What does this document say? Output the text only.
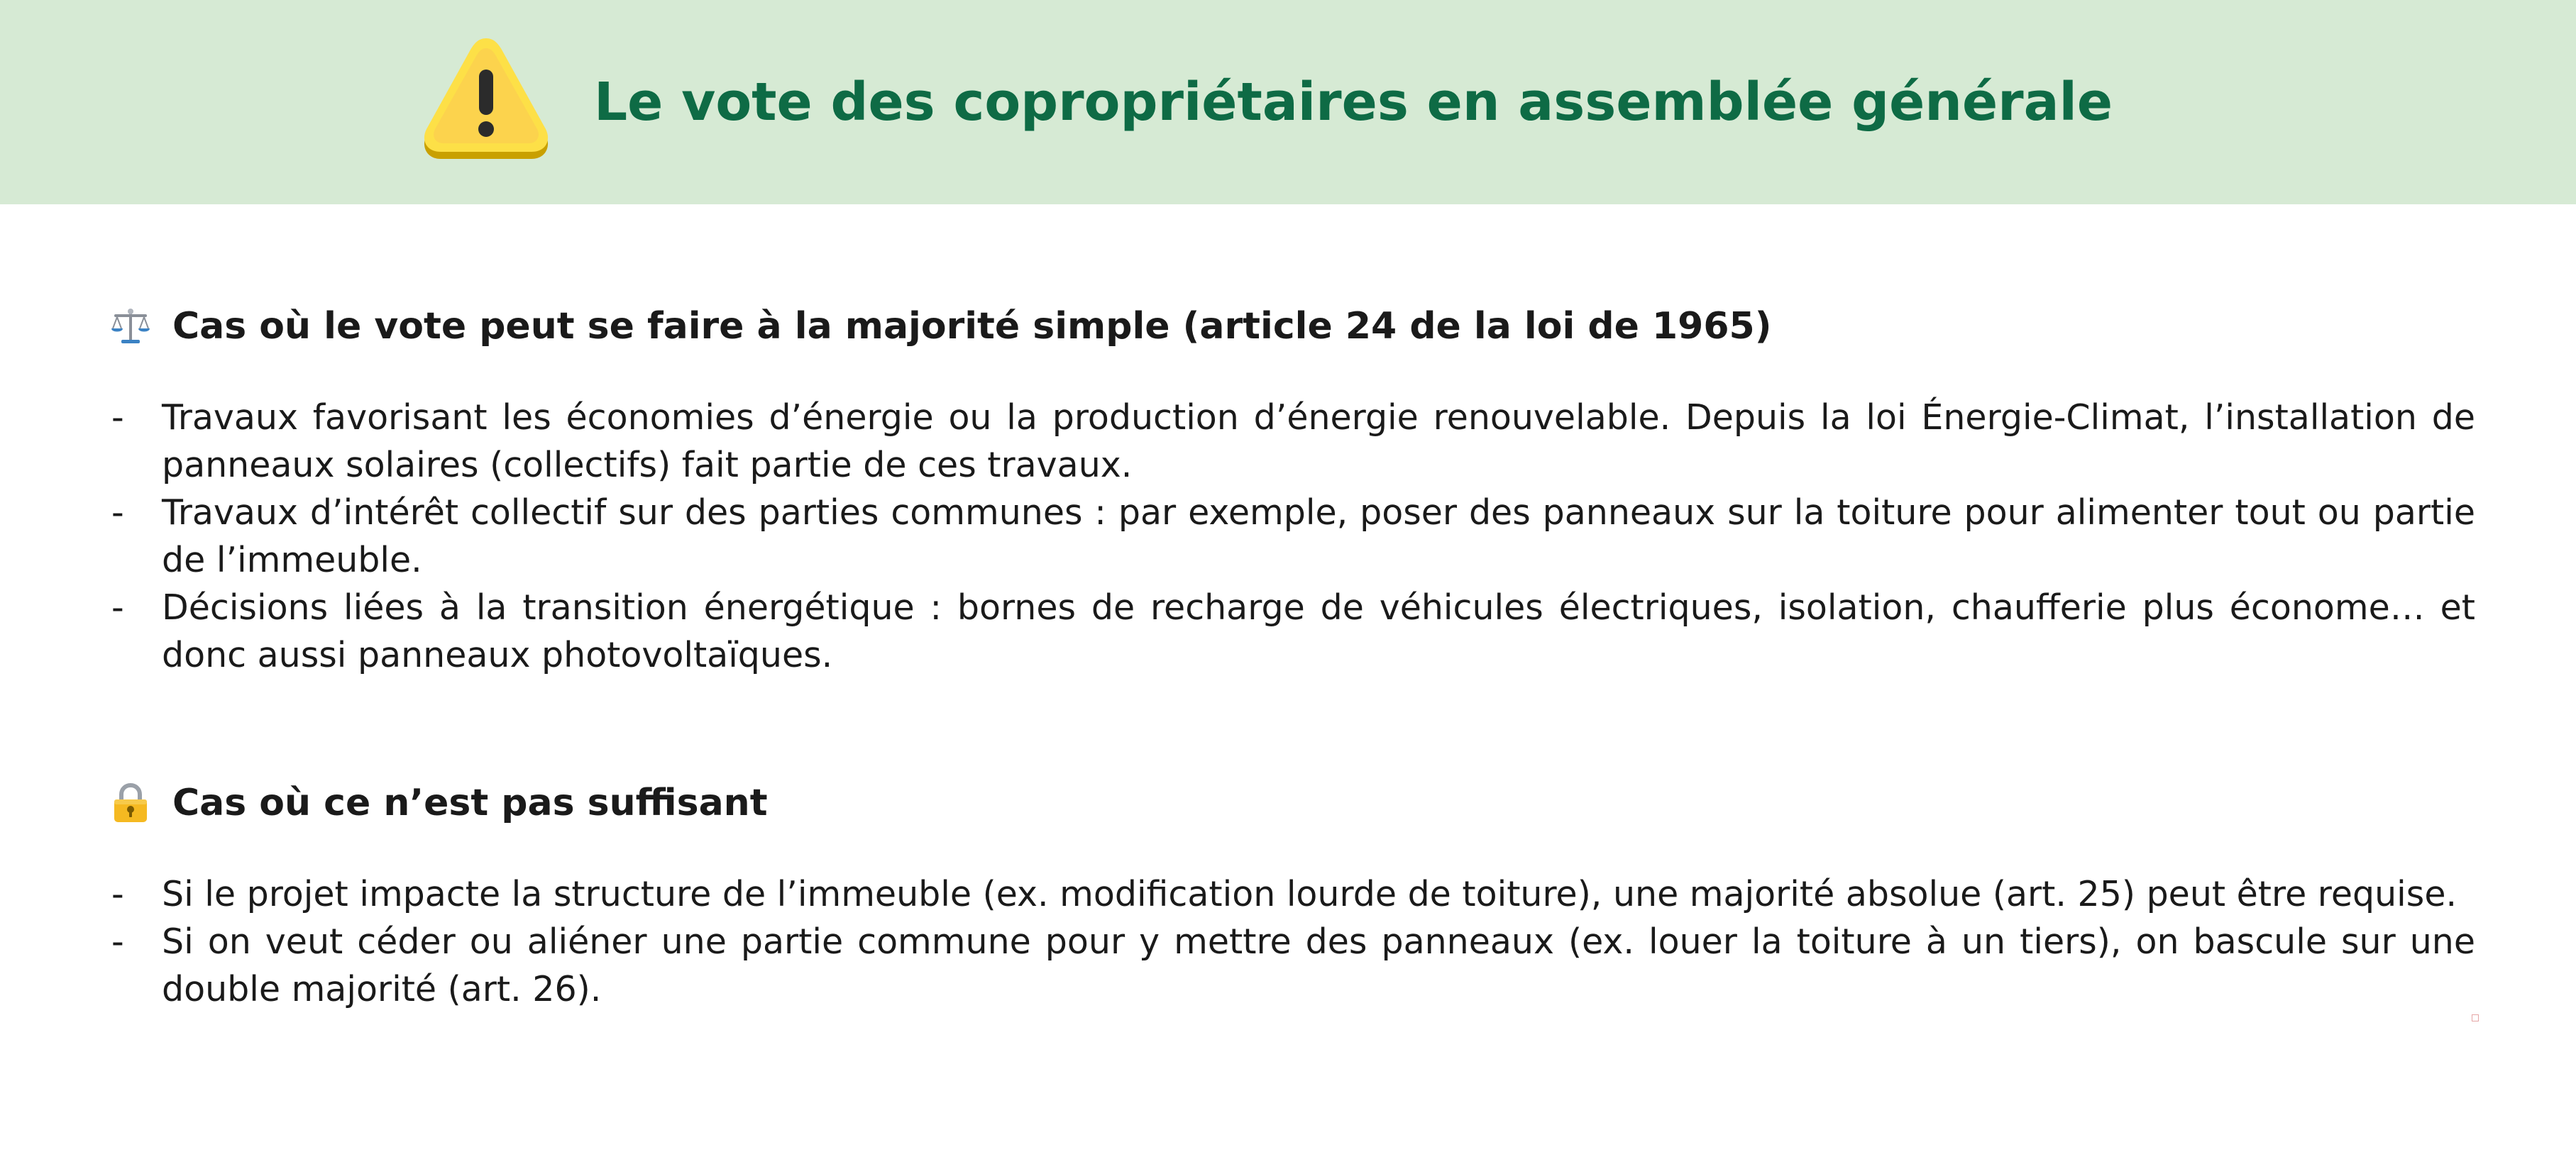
Le vote des copropriétaires en assemblée générale
Cas où le vote peut se faire à la majorité simple (article 24 de la loi de 1965)
- Travaux favorisant les économies d’énergie ou la production d’énergie renouvelable. Depuis la loi Énergie-Climat, l’installation de panneaux solaires (collectifs) fait partie de ces travaux.
- Travaux d’intérêt collectif sur des parties communes : par exemple, poser des panneaux sur la toiture pour alimenter tout ou partie de l’immeuble.
- Décisions liées à la transition énergétique : bornes de recharge de véhicules électriques, isolation, chaufferie plus économe… et donc aussi panneaux photovoltaïques.
Cas où ce n’est pas suffisant
- Si le projet impacte la structure de l’immeuble (ex. modification lourde de toiture), une majorité absolue (art. 25) peut être requise.
- Si on veut céder ou aliéner une partie commune pour y mettre des panneaux (ex. louer la toiture à un tiers), on bascule sur une double majorité (art. 26).
